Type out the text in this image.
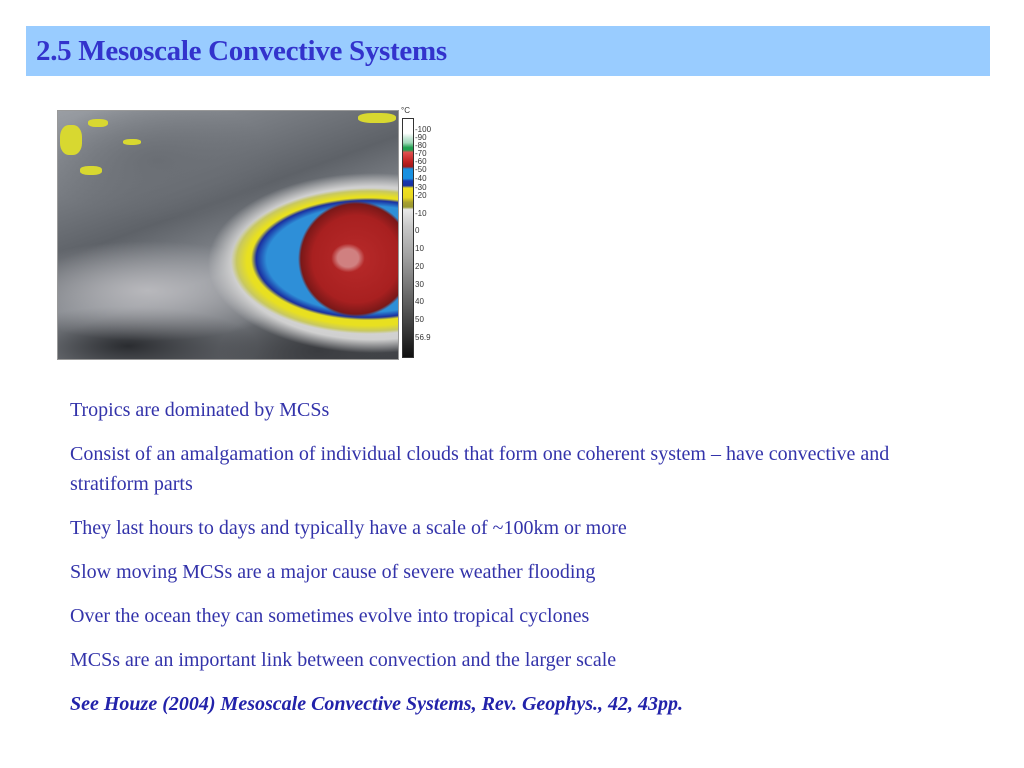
2.5 Mesoscale Convective Systems
°C
-100
-90
-80
-70
-60
-50
-40
-30
-20
-10
0
10
20
30
40
50
56.9

Tropics are dominated by MCSs

Consist of an amalgamation of individual clouds that form one coherent system – have convective and stratiform parts

They last hours to days and typically have a scale of ~100km or more

Slow moving MCSs are a major cause of severe weather flooding

Over the ocean they can sometimes evolve into tropical cyclones

MCSs are an important link between convection and the larger scale

See Houze (2004) Mesoscale Convective Systems, Rev. Geophys., 42, 43pp.
